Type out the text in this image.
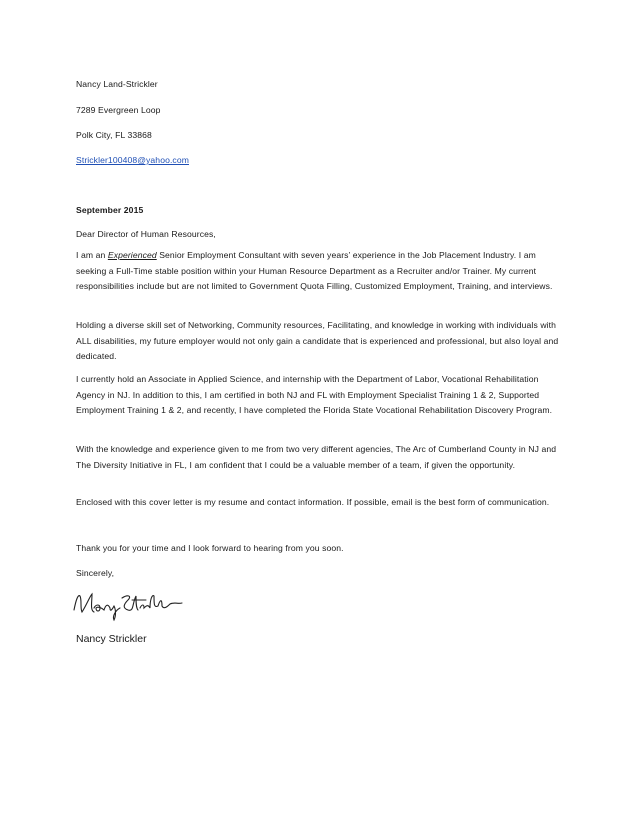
Nancy Land-Strickler
7289 Evergreen Loop
Polk City, FL 33868
Strickler100408@yahoo.com
September 2015
Dear Director of Human Resources,
I am an Experienced Senior Employment Consultant with seven years’ experience in the Job Placement Industry. I am seeking a Full-Time stable position within your Human Resource Department as a Recruiter and/or Trainer. My current responsibilities include but are not limited to Government Quota Filling, Customized Employment, Training, and interviews.
Holding a diverse skill set of Networking, Community resources, Facilitating, and knowledge in working with individuals with ALL disabilities, my future employer would not only gain a candidate that is experienced and professional, but also loyal and dedicated.
I currently hold an Associate in Applied Science, and internship with the Department of Labor, Vocational Rehabilitation Agency in NJ. In addition to this, I am certified in both NJ and FL with Employment Specialist Training 1 & 2, Supported Employment Training 1 & 2, and recently, I have completed the Florida State Vocational Rehabilitation Discovery Program.
With the knowledge and experience given to me from two very different agencies, The Arc of Cumberland County in NJ and The Diversity Initiative in FL, I am confident that I could be a valuable member of a team, if given the opportunity.
Enclosed with this cover letter is my resume and contact information. If possible, email is the best form of communication.
Thank you for your time and I look forward to hearing from you soon.
Sincerely,
Nancy Strickler
